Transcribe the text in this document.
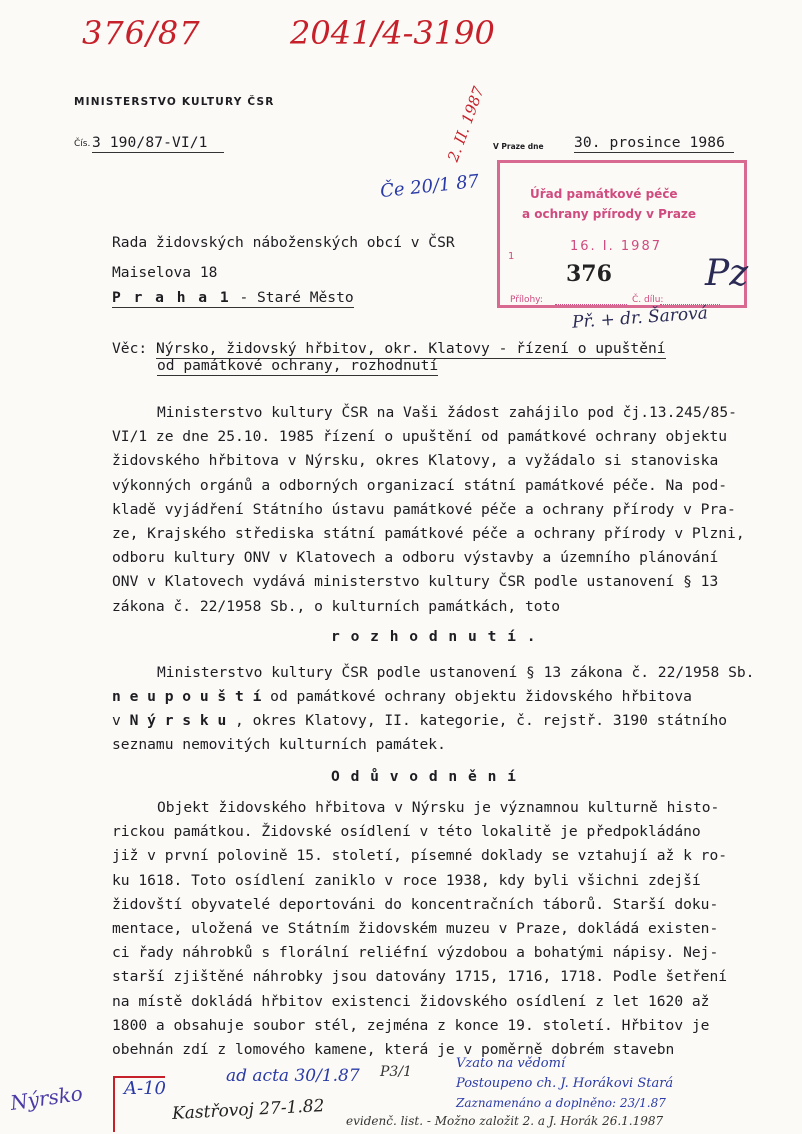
376/87	2041/4-3190
MINISTERSTVO KULTURY ČSR
Čís. 3 190/87-VI/1	V Praze dne 30. prosince 1986
Če 20/1 87
2. II. 1987
Úřad památkové péče
a ochrany přírody v Praze
1
16. I. 1987
376
Přílohy:	Č. dílu:
Pz
Př. + dr. Šarová
Rada židovských náboženských obcí v ČSR
Maiselova 18
P r a h a 1 - Staré Město
Věc: Nýrsko, židovský hřbitov, okr. Klatovy - řízení o upuštění
od památkové ochrany, rozhodnutí
Ministerstvo kultury ČSR na Vaši žádost zahájilo pod čj.13.245/85-
VI/1 ze dne 25.10. 1985 řízení o upuštění od památkové ochrany objektu
židovského hřbitova v Nýrsku, okres Klatovy, a vyžádalo si stanoviska
výkonných orgánů a odborných organizací státní památkové péče. Na pod-
kladě vyjádření Státního ústavu památkové péče a ochrany přírody v Pra-
ze, Krajského střediska státní památkové péče a ochrany přírody v Plzni,
odboru kultury ONV v Klatovech a odboru výstavby a územního plánování
ONV v Klatovech vydává ministerstvo kultury ČSR podle ustanovení § 13
zákona č. 22/1958 Sb., o kulturních památkách, toto
r o z h o d n u t í .
Ministerstvo kultury ČSR podle ustanovení § 13 zákona č. 22/1958 Sb.
n e u p o u š t í od památkové ochrany objektu židovského hřbitova
v N ý r s k u , okres Klatovy, II. kategorie, č. rejstř. 3190 státního
seznamu nemovitých kulturních památek.
O d ů v o d n ě n í
Objekt židovského hřbitova v Nýrsku je významnou kulturně histo-
rickou památkou. Židovské osídlení v této lokalitě je předpokládáno
již v první polovině 15. století, písemné doklady se vztahují až k ro-
ku 1618. Toto osídlení zaniklo v roce 1938, kdy byli všichni zdejší
židovští obyvatelé deportováni do koncentračních táborů. Starší doku-
mentace, uložená ve Státním židovském muzeu v Praze, dokládá existen-
ci řady náhrobků s florální reliéfní výzdobou a bohatými nápisy. Nej-
starší zjištěné náhrobky jsou datovány 1715, 1716, 1718. Podle šetření
na místě dokládá hřbitov existenci židovského osídlení z let 1620 až
1800 a obsahuje soubor stél, zejména z konce 19. století. Hřbitov je
obehnán zdí z lomového kamene, která je v poměrně dobrém stavebn
Nýrsko A-10
Kastřovoj 27-1.82
ad acta 30/1.87 P3/1
Vzato na vědomí
Postoupeno ch. J. Horákovi Stará
Zaznamenáno a doplněno: 23/1.87
evidenč. list. - Možno založit 2. a J. Horák 26.1.1987
